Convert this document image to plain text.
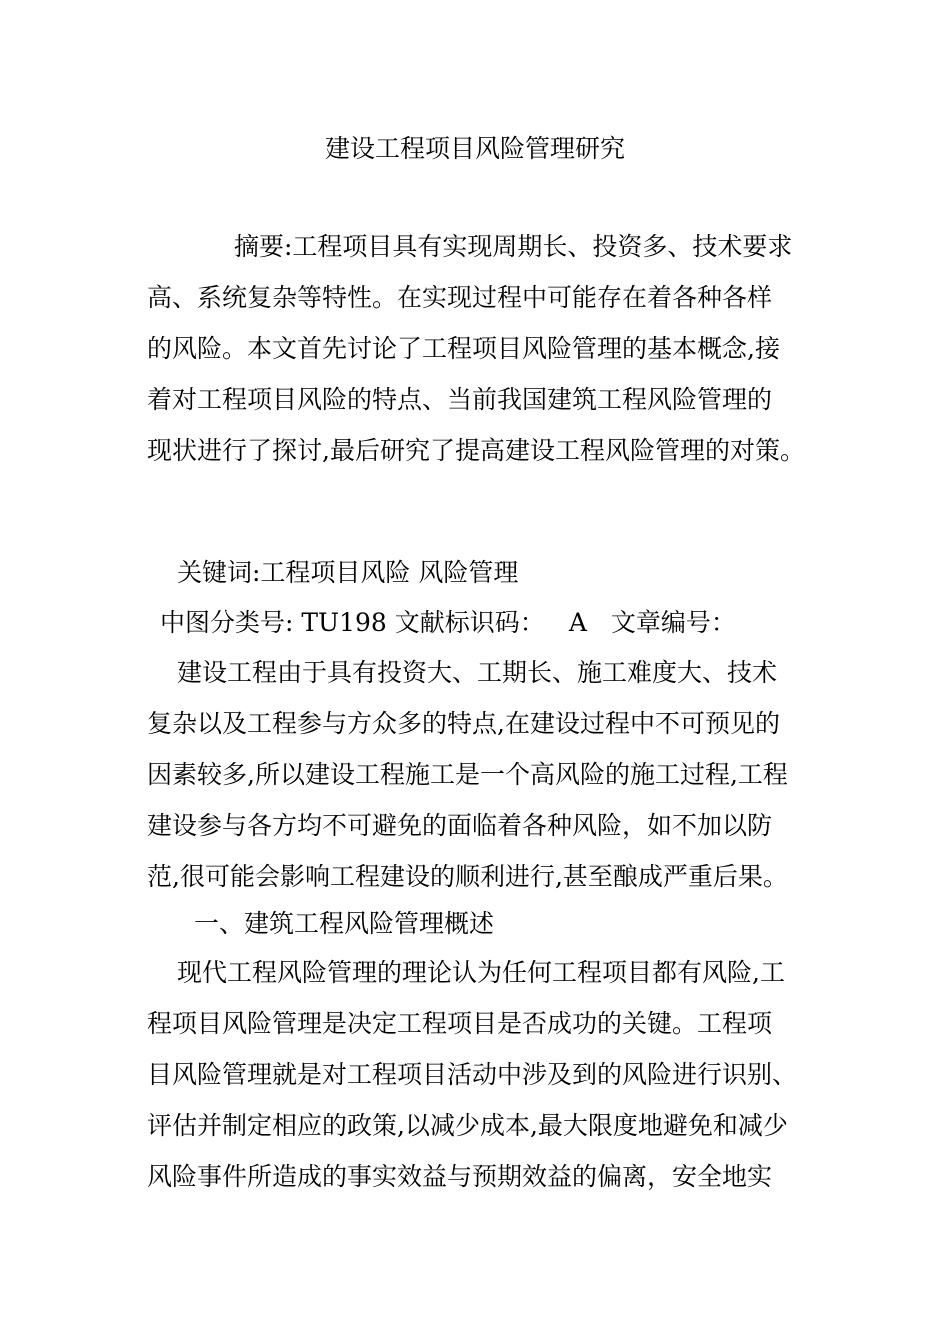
建设工程项目风险管理研究
摘要:工程项目具有实现周期长、投资多、技术要求
高、系统复杂等特性。在实现过程中可能存在着各种各样
的风险。本文首先讨论了工程项目风险管理的基本概念,接
着对工程项目风险的特点、当前我国建筑工程风险管理的
现状进行了探讨,最后研究了提高建设工程风险管理的对策。
关键词:工程项目风险 风险管理
中图分类号: TU198 文献标识码： A 文章编号：
建设工程由于具有投资大、工期长、施工难度大、技术
复杂以及工程参与方众多的特点,在建设过程中不可预见的
因素较多,所以建设工程施工是一个高风险的施工过程,工程
建设参与各方均不可避免的面临着各种风险，如不加以防
范,很可能会影响工程建设的顺利进行,甚至酿成严重后果。
一、建筑工程风险管理概述
现代工程风险管理的理论认为任何工程项目都有风险,工
程项目风险管理是决定工程项目是否成功的关键。工程项
目风险管理就是对工程项目活动中涉及到的风险进行识别、
评估并制定相应的政策,以减少成本,最大限度地避免和减少
风险事件所造成的事实效益与预期效益的偏离，安全地实
